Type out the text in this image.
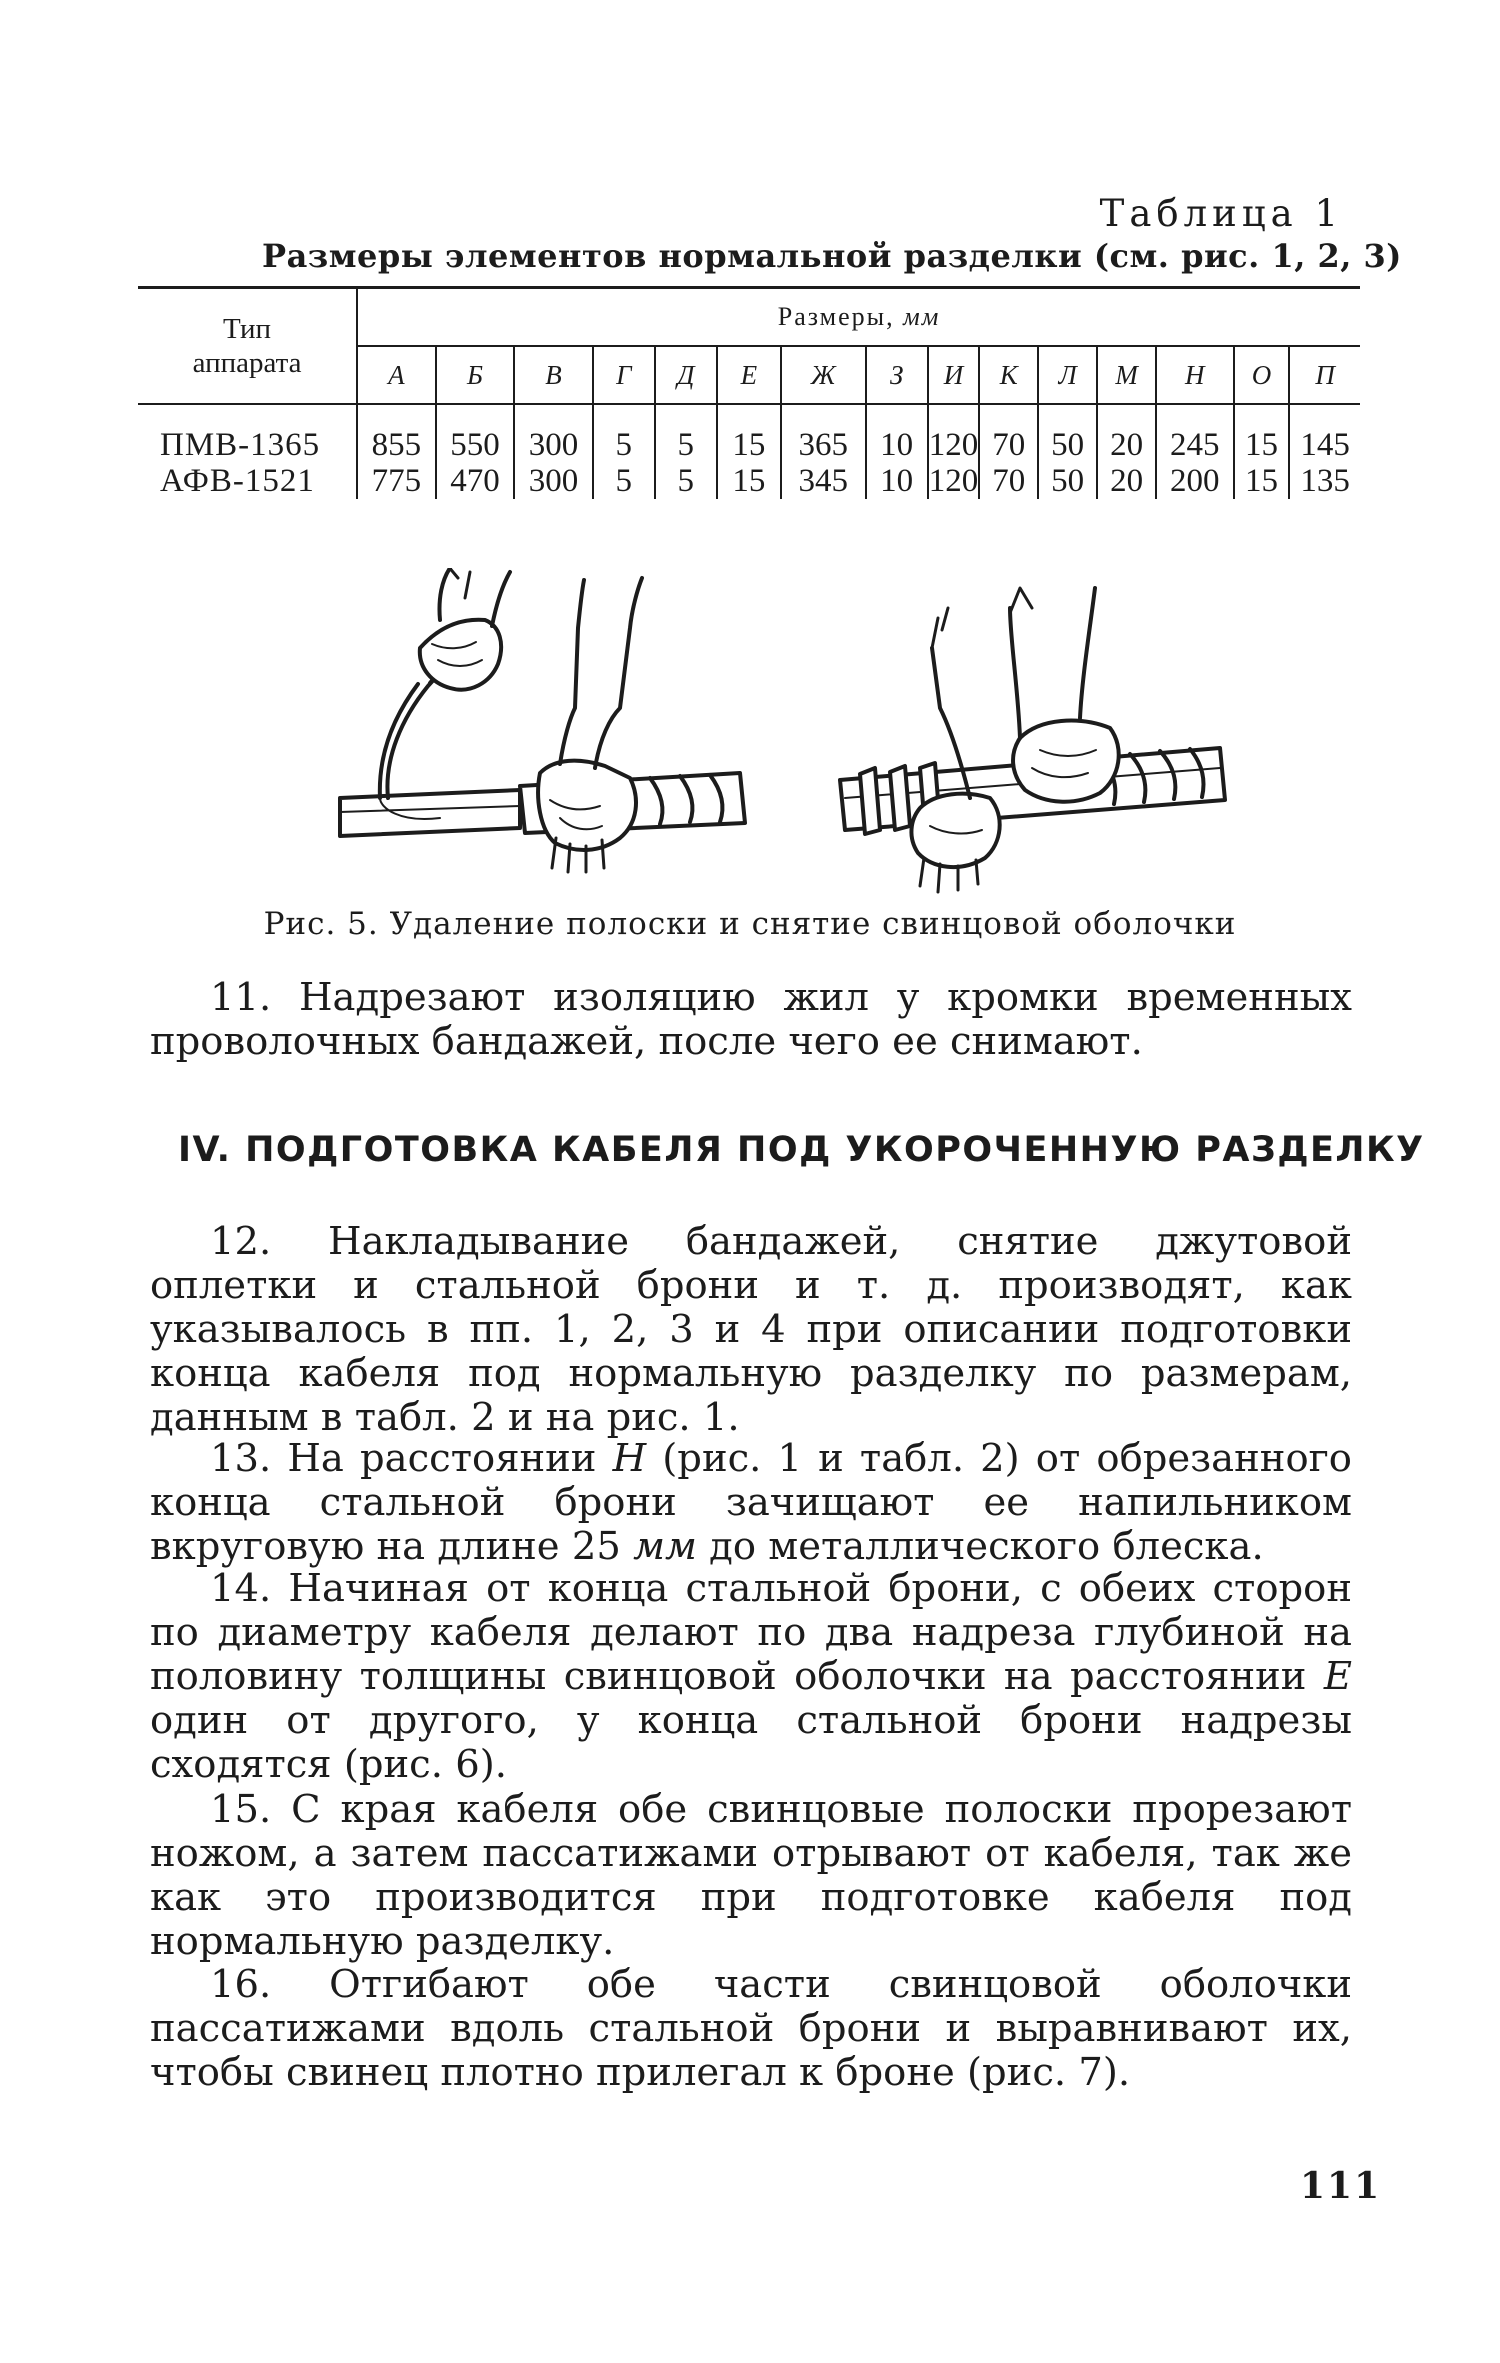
Таблица 1
Размеры элементов нормальной разделки (см. рис. 1, 2, 3)
Тип
аппарата	Размеры, мм														
	А	Б	В	Г	Д	Е	Ж	З	И	К	Л	М	Н	О	П
ПМВ-1365	855	550	300	5	5	15	365	10	120	70	50	20	245	15	145
АФВ-1521	775	470	300	5	5	15	345	10	120	70	50	20	200	15	135
Рис. 5. Удаление полоски и снятие свинцовой оболочки

11. Надрезают изоляцию жил у кромки временных проволочных бандажей, после чего ее снимают.

IV. ПОДГОТОВКА КАБЕЛЯ ПОД УКОРОЧЕННУЮ РАЗДЕЛКУ

12. Накладывание бандажей, снятие джутовой оплетки и стальной брони и т. д. производят, как указывалось в пп. 1, 2, 3 и 4 при описании подготовки конца кабеля под нормальную разделку по размерам, данным в табл. 2 и на рис. 1.

13. На расстоянии Н (рис. 1 и табл. 2) от обрезанного конца стальной брони зачищают ее напильником вкруговую на длине 25 мм до металлического блеска.

14. Начиная от конца стальной брони, с обеих сторон по диаметру кабеля делают по два надреза глубиной на половину толщины свинцовой оболочки на расстоянии Е один от другого, у конца стальной брони надрезы сходятся (рис. 6).

15. С края кабеля обе свинцовые полоски прорезают ножом, а затем пассатижами отрывают от кабеля, так же как это производится при подготовке кабеля под нормальную разделку.

16. Отгибают обе части свинцовой оболочки пассатижами вдоль стальной брони и выравнивают их, чтобы свинец плотно прилегал к броне (рис. 7).

111
